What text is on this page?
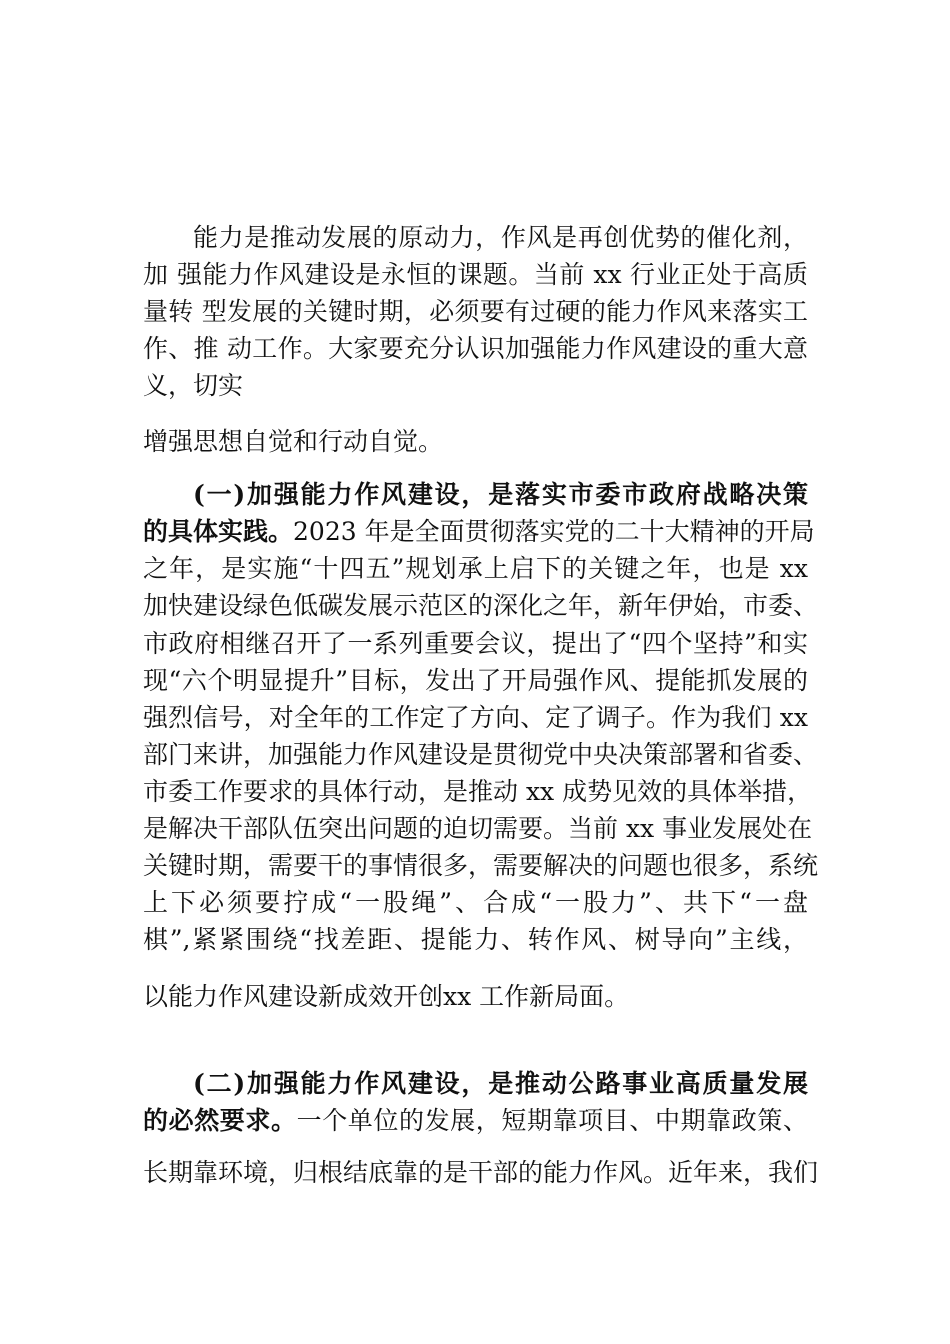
能力是推动发展的原动力，作风是再创优势的催化剂，
加 强能力作风建设是永恒的课题。当前 xx 行业正处于高质
量转 型发展的关键时期，必须要有过硬的能力作风来落实工
作、推 动工作。大家要充分认识加强能力作风建设的重大意
义，切实
增强思想自觉和行动自觉。
(一)加强能力作风建设，是落实市委市政府战略决策
的具体实践。2023 年是全面贯彻落实党的二十大精神的开局
之年，是实施“十四五”规划承上启下的关键之年，也是 xx
加快建设绿色低碳发展示范区的深化之年，新年伊始，市委、
市政府相继召开了一系列重要会议，提出了“四个坚持”和实
现“六个明显提升”目标，发出了开局强作风、提能抓发展的
强烈信号，对全年的工作定了方向、定了调子。作为我们 xx
部门来讲，加强能力作风建设是贯彻党中央决策部署和省委、
市委工作要求的具体行动，是推动 xx 成势见效的具体举措，
是解决干部队伍突出问题的迫切需要。当前 xx 事业发展处在
关键时期，需要干的事情很多，需要解决的问题也很多，系统
上下必须要拧成“一股绳”、合成“一股力”、共下“一盘
棋”,紧紧围绕“找差距、提能力、转作风、树导向”主线，
以能力作风建设新成效开创xx 工作新局面。
(二)加强能力作风建设，是推动公路事业高质量发展
的必然要求。一个单位的发展，短期靠项目、中期靠政策、
长期靠环境，归根结底靠的是干部的能力作风。近年来，我们
